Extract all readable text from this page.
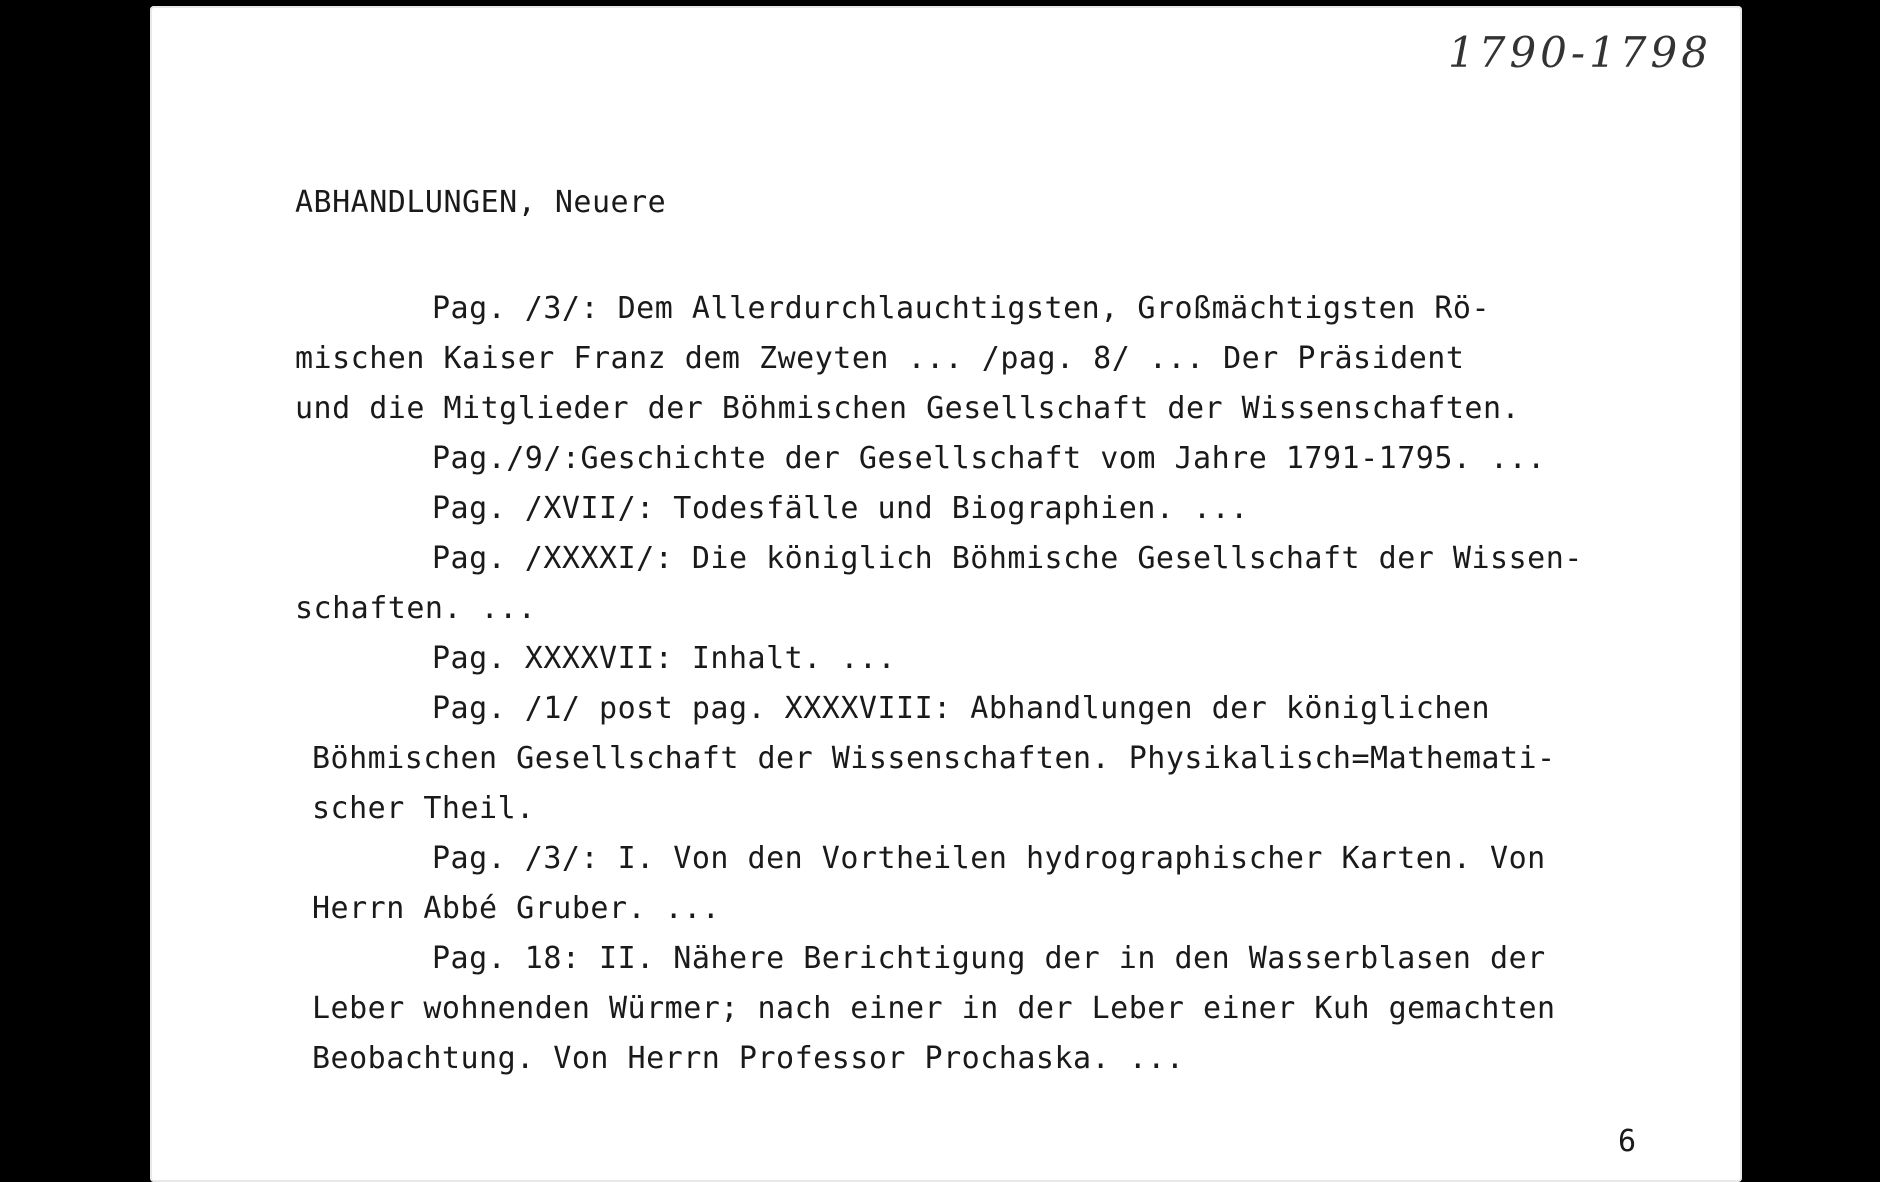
1790-1798
ABHANDLUNGEN, Neuere
Pag. /3/: Dem Allerdurchlauchtigsten, Großmächtigsten Rö-
mischen Kaiser Franz dem Zweyten ... /pag. 8/ ... Der Präsident
und die Mitglieder der Böhmischen Gesellschaft der Wissenschaften.
Pag./9/:Geschichte der Gesellschaft vom Jahre 1791-1795. ...
Pag. /XVII/: Todesfälle und Biographien. ...
Pag. /XXXXI/: Die königlich Böhmische Gesellschaft der Wissen-
schaften. ...
Pag. XXXXVII: Inhalt. ...
Pag. /1/ post pag. XXXXVIII: Abhandlungen der königlichen
Böhmischen Gesellschaft der Wissenschaften. Physikalisch=Mathemati-
scher Theil.
Pag. /3/: I. Von den Vortheilen hydrographischer Karten. Von
Herrn Abbé Gruber. ...
Pag. 18: II. Nähere Berichtigung der in den Wasserblasen der
Leber wohnenden Würmer; nach einer in der Leber einer Kuh gemachten
Beobachtung. Von Herrn Professor Prochaska. ...
6
